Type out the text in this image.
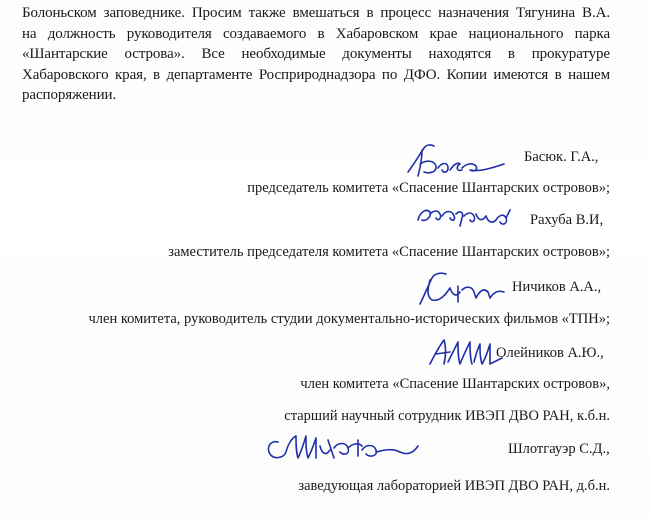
Болоньском заповеднике. Просим также вмешаться в процесс назначения Тягунина В.А.
на должность руководителя создаваемого в Хабаровском крае национального парка
«Шантарские острова». Все необходимые документы находятся в прокуратуре
Хабаровского края, в департаменте Росприроднадзора по ДФО. Копии имеются в нашем
распоряжении.
Басюк. Г.А.,
председатель комитета «Спасение Шантарских островов»;
Рахуба В.И,
заместитель председателя комитета «Спасение Шантарских островов»;
Ничиков А.А.,
член комитета, руководитель студии документально-исторических фильмов «ТПН»;
Олейников А.Ю.,
член комитета «Спасение Шантарских островов»,
старший научный сотрудник ИВЭП ДВО РАН, к.б.н.
Шлотгауэр С.Д.,
заведующая лабораторией ИВЭП ДВО РАН, д.б.н.
